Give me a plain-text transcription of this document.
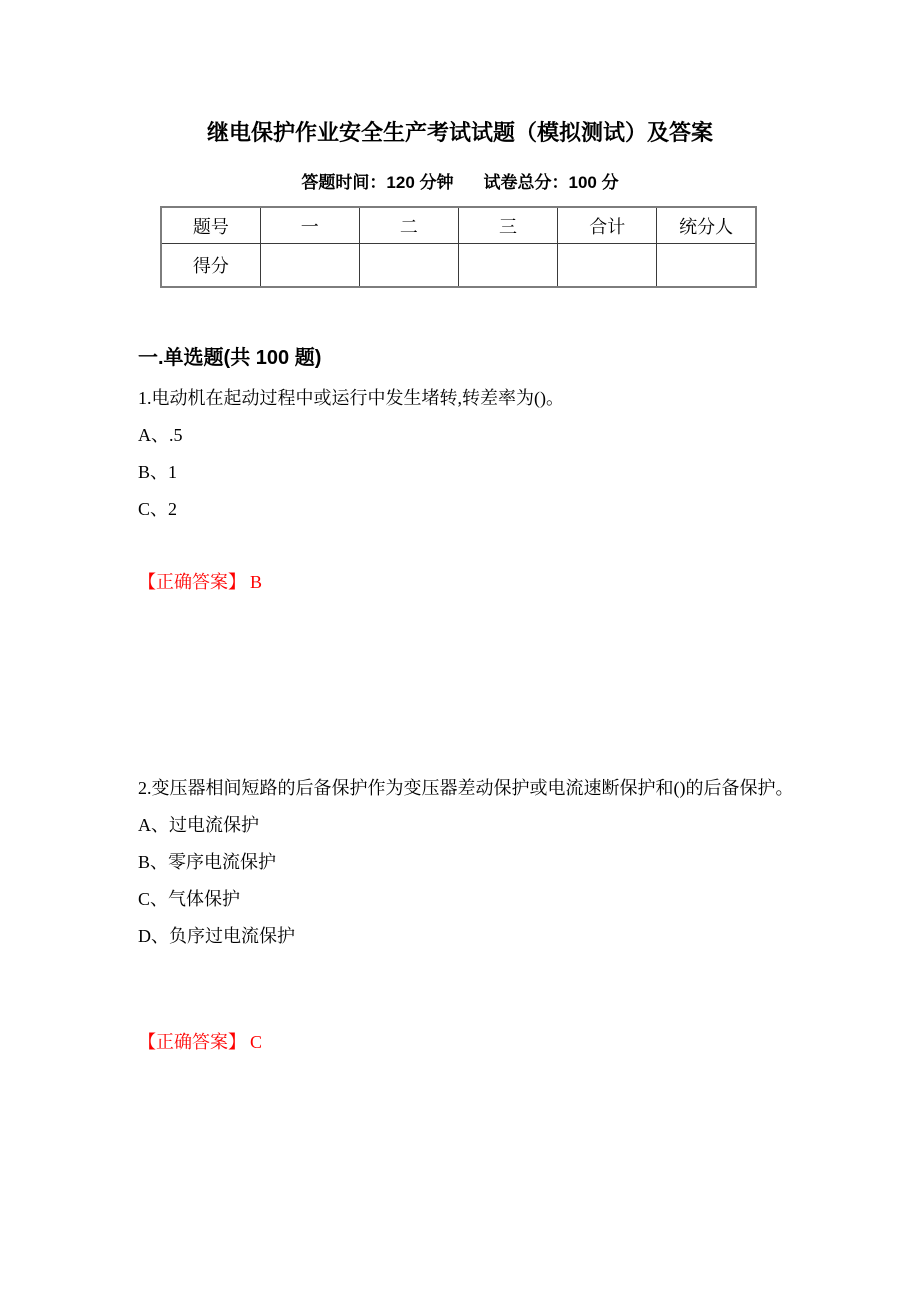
继电保护作业安全生产考试试题（模拟测试）及答案
答题时间：120 分钟 试卷总分：100 分
题号	一	二	三	合计	统分人
得分					
一.单选题(共 100 题)
1.电动机在起动过程中或运行中发生堵转,转差率为()。
A、.5
B、1
C、2
【正确答案】 B
2.变压器相间短路的后备保护作为变压器差动保护或电流速断保护和()的后备保护。
A、过电流保护
B、零序电流保护
C、气体保护
D、负序过电流保护
【正确答案】 C
